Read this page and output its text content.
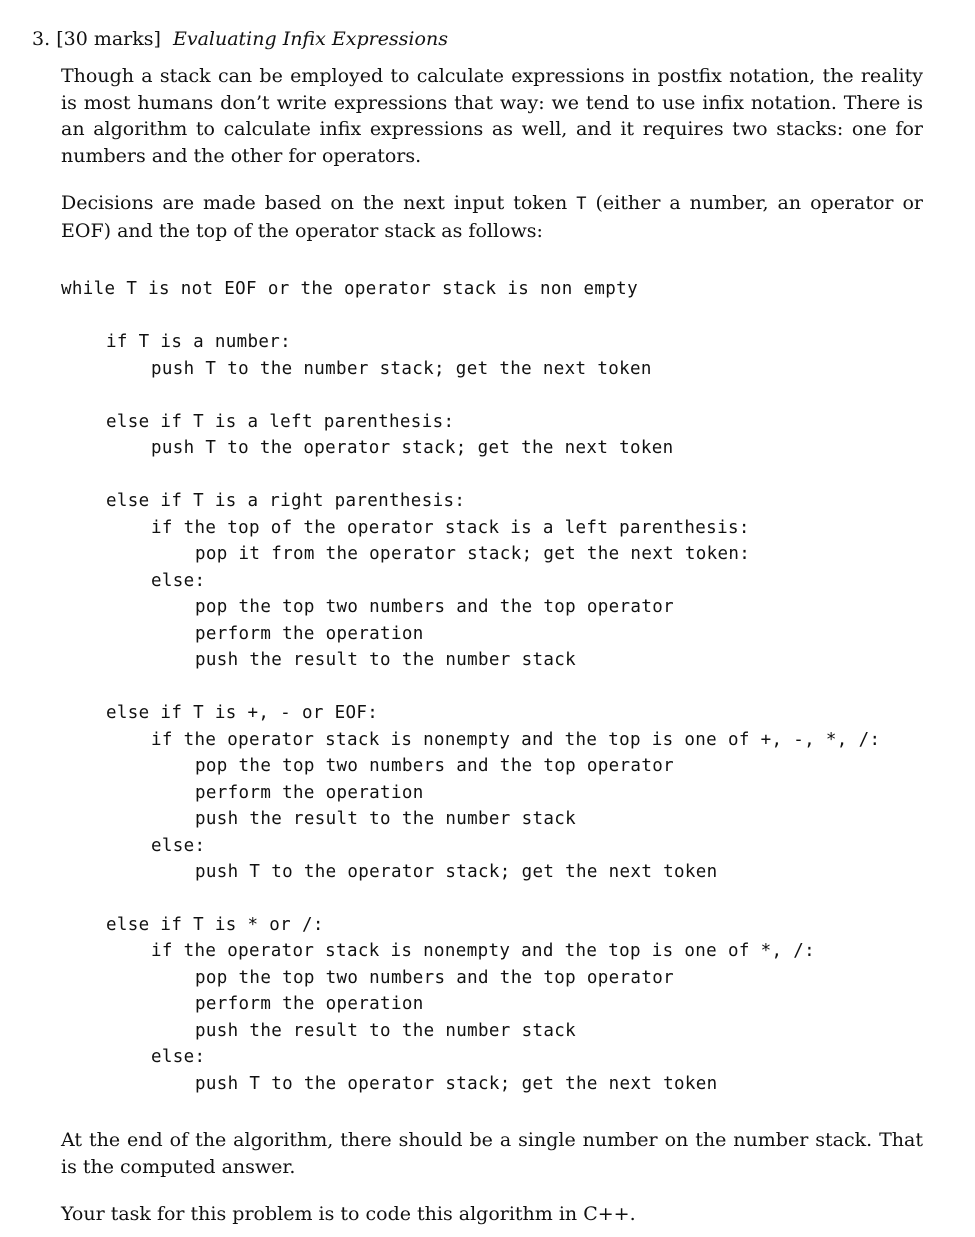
3. [30 marks] Evaluating Infix Expressions

Though a stack can be employed to calculate expressions in postfix notation, the reality is most humans don’t write expressions that way: we tend to use infix notation. There is an algorithm to calculate infix expressions as well, and it requires two stacks: one for numbers and the other for operators.

Decisions are made based on the next input token T (either a number, an operator or EOF) and the top of the operator stack as follows:

while T is not EOF or the operator stack is non empty
if T is a number:
push T to the number stack; get the next token
else if T is a left parenthesis:
push T to the operator stack; get the next token
else if T is a right parenthesis:
if the top of the operator stack is a left parenthesis:
pop it from the operator stack; get the next token:
else:
pop the top two numbers and the top operator
perform the operation
push the result to the number stack
else if T is +, - or EOF:
if the operator stack is nonempty and the top is one of +, -, *, /:
pop the top two numbers and the top operator
perform the operation
push the result to the number stack
else:
push T to the operator stack; get the next token
else if T is * or /:
if the operator stack is nonempty and the top is one of *, /:
pop the top two numbers and the top operator
perform the operation
push the result to the number stack
else:
push T to the operator stack; get the next token

At the end of the algorithm, there should be a single number on the number stack. That is the computed answer.

Your task for this problem is to code this algorithm in C++.
